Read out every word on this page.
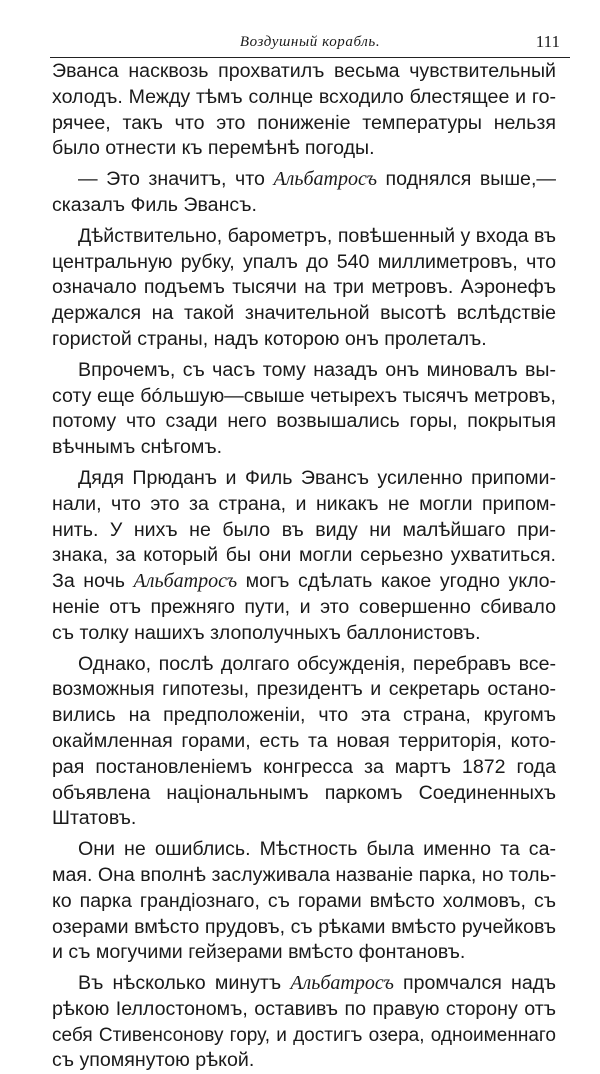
Воздушный корабль.	111
Эванса насквозь прохватилъ весьма чувствительный
холодъ. Между тѣмъ солнце всходило блестящее и го-
рячее, такъ что это пониженіе температуры нельзя
было отнести къ перемѣнѣ погоды.
— Это значитъ, что Альбатросъ поднялся выше,—
сказалъ Филь Эвансъ.
Дѣйствительно, барометръ, повѣшенный у входа въ
центральную рубку, упалъ до 540 миллиметровъ, что
означало подъемъ тысячи на три метровъ. Аэронефъ
держался на такой значительной высотѣ вслѣдствіе
гористой страны, надъ которою онъ пролеталъ.
Впрочемъ, съ часъ тому назадъ онъ миновалъ вы-
соту еще бóльшую—свыше четырехъ тысячъ метровъ,
потому что сзади него возвышались горы, покрытыя
вѣчнымъ снѣгомъ.
Дядя Прюданъ и Филь Эвансъ усиленно припоми-
нали, что это за страна, и никакъ не могли припом-
нить. У нихъ не было въ виду ни малѣйшаго при-
знака, за который бы они могли серьезно ухватиться.
За ночь Альбатросъ могъ сдѣлать какое угодно уклo-
неніе отъ прежняго пути, и это совершенно сбивало
съ толку нашихъ злополучныхъ баллонистовъ.
Однако, послѣ долгаго обсужденія, перебравъ все-
возможныя гипотезы, президентъ и секретарь остано-
вились на предположеніи, что эта страна, кругомъ
окаймленная горами, есть та новая территорія, кото-
рая постановленіемъ конгресса за мартъ 1872 года
объявлена національнымъ паркомъ Соединенныхъ
Штатовъ.
Они не ошиблись. Мѣстность была именно та са-
мая. Она вполнѣ заслуживала названіе парка, но толь-
ко парка грандіознаго, съ горами вмѣсто холмовъ, съ
озерами вмѣсто прудовъ, съ рѣками вмѣсто ручейковъ
и съ могучими гейзерами вмѣсто фонтановъ.
Въ нѣсколько минутъ Альбатросъ промчался надъ
рѣкою Іеллостономъ, оставивъ по правую сторону отъ
себя Стивенсонову гору, и достигъ озера, одноименнаго
съ упомянутою рѣкой.
